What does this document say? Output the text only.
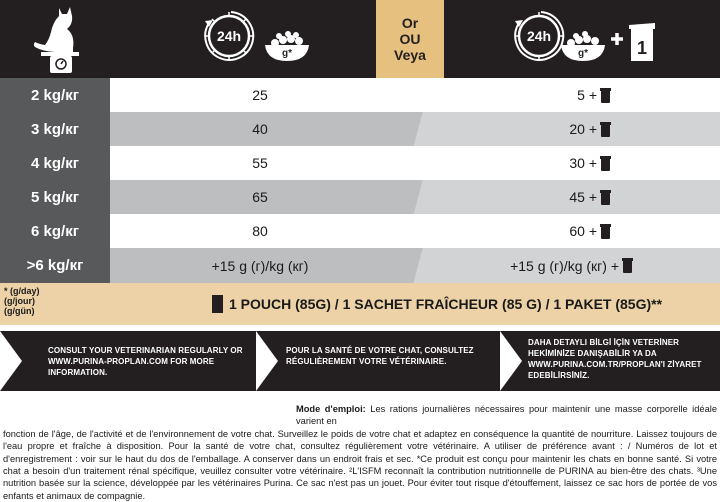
24h
g*
Or
OU
Veya
24h
g*	1
2 kg/кг	25	5 +
3 kg/кг	40	20 +
4 kg/кг	55	30 +
5 kg/кг	65	45 +
6 kg/кг	80	60 +
>6 kg/кг	+15 g (г)/kg (кг)	+15 g (г)/kg (кг) +
* (g/day)
(g/jour)
(g/gün)	1 POUCH (85G) / 1 SACHET FRAÎCHEUR (85 G) / 1 PAKET (85G)**
CONSULT YOUR VETERINARIAN REGULARLY OR
WWW.PURINA-PROPLAN.COM FOR MORE
INFORMATION.
POUR LA SANTÉ DE VOTRE CHAT, CONSULTEZ
RÉGULIÈREMENT VOTRE VÉTÉRINAIRE.
DAHA DETAYLI BİLGİ İÇİN VETERİNER
HEKİMİNİZE DANIŞABİLİR YA DA
WWW.PURINA.COM.TR/PROPLAN'I ZİYARET
EDEBİLİRSİNİZ.
Mode d'emploi: Les rations journalières nécessaires pour maintenir une masse corporelle idéale varient en
fonction de l'âge, de l'activité et de l'environnement de votre chat. Surveillez le poids de votre chat et adaptez en conséquence la quantité de nourriture. Laissez toujours de l'eau propre et fraîche à disposition. Pour la santé de votre chat, consultez régulièrement votre vétérinaire. A utiliser de préférence avant : / Numéros de lot et d'enregistrement : voir sur le haut du dos de l'emballage. A conserver dans un endroit frais et sec. *Ce produit est conçu pour maintenir les chats en bonne santé. Si votre chat a besoin d'un traitement rénal spécifique, veuillez consulter votre vétérinaire. ²L'ISFM reconnaît la contribution nutritionnelle de PURINA au bien-être des chats. ³Une nutrition basée sur la science, développée par les vétérinaires Purina. Ce sac n'est pas un jouet. Pour éviter tout risque d'étouffement, laissez ce sac hors de portée de vos enfants et animaux de compagnie.
